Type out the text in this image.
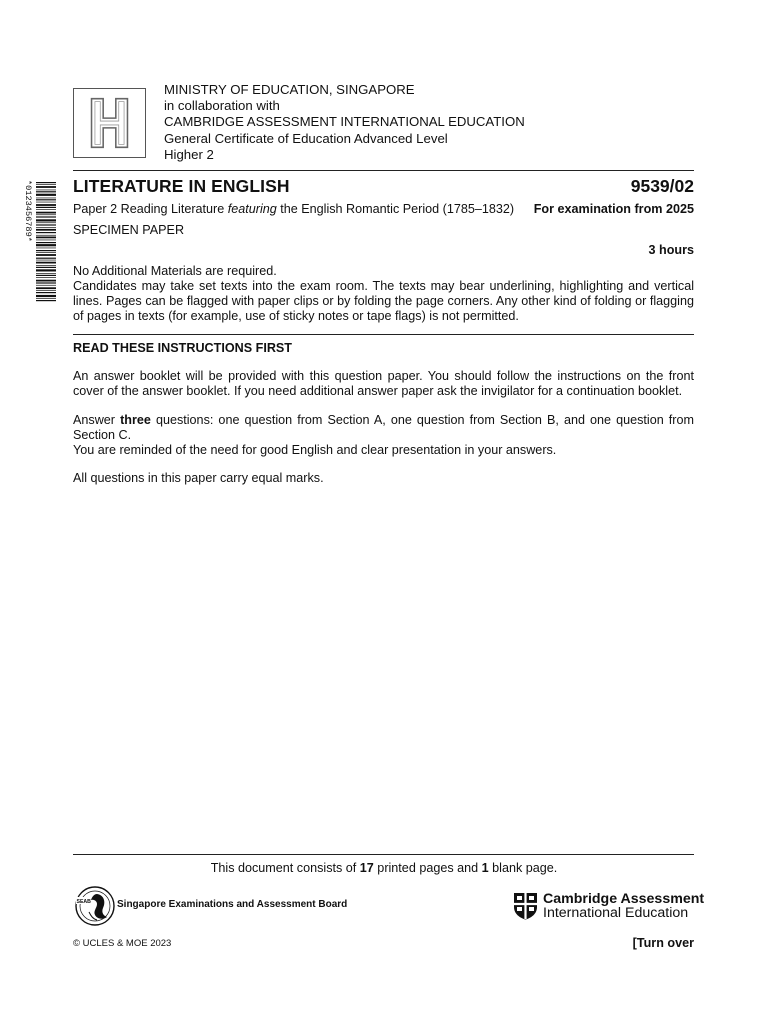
MINISTRY OF EDUCATION, SINGAPORE
in collaboration with
CAMBRIDGE ASSESSMENT INTERNATIONAL EDUCATION
General Certificate of Education Advanced Level
Higher 2
*0123456789* LITERATURE IN ENGLISH	9539/02
Paper 2 Reading Literature featuring the English Romantic Period (1785–1832) For examination from 2025
SPECIMEN PAPER
3 hours
No Additional Materials are required.
Candidates may take set texts into the exam room. The texts may bear underlining, highlighting and vertical lines. Pages can be flagged with paper clips or by folding the page corners. Any other kind of folding or flagging of pages in texts (for example, use of sticky notes or tape flags) is not permitted.
READ THESE INSTRUCTIONS FIRST
An answer booklet will be provided with this question paper. You should follow the instructions on the front cover of the answer booklet. If you need additional answer paper ask the invigilator for a continuation booklet.
Answer three questions: one question from Section A, one question from Section B, and one question from Section C.
You are reminded of the need for good English and clear presentation in your answers.
All questions in this paper carry equal marks.
This document consists of 17 printed pages and 1 blank page.
SEAB	Singapore Examinations and Assessment Board	Cambridge Assessment
International Education
© UCLES & MOE 2023	[Turn over
